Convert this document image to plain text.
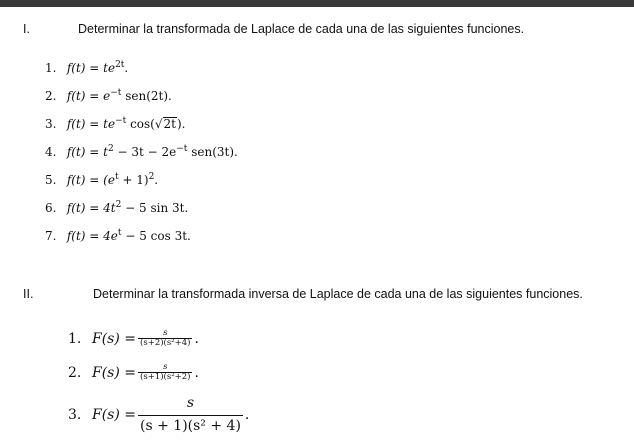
I.	Determinar la transformada de Laplace de cada una de las siguientes funciones.
1. $f(t) = te^{2t}$.
2. $f(t) = e^{-t}$ sen(2t).
3. $f(t) = te^{-t}$ cos(√2t).
4. $f(t) = t^2 - 3t - 2e^{-t}$ sen(3t).
5. $f(t) = (e^t + 1)^2$.
6. $f(t) = 4t^2 - 5$ sin 3t.
7. $f(t) = 4e^t - 5$ cos 3t.
II.	Determinar la transformada inversa de Laplace de cada una de las siguientes funciones.
1. $F(s) = \frac{s}{\text{(s+2)(s²+4)}}$ .
2. $F(s) = \frac{s}{\text{(s+1)(s²+2)}}$ .
3. $F(s) = \frac{s}{\text{(s + 1)(s² + 4)}}$ .
